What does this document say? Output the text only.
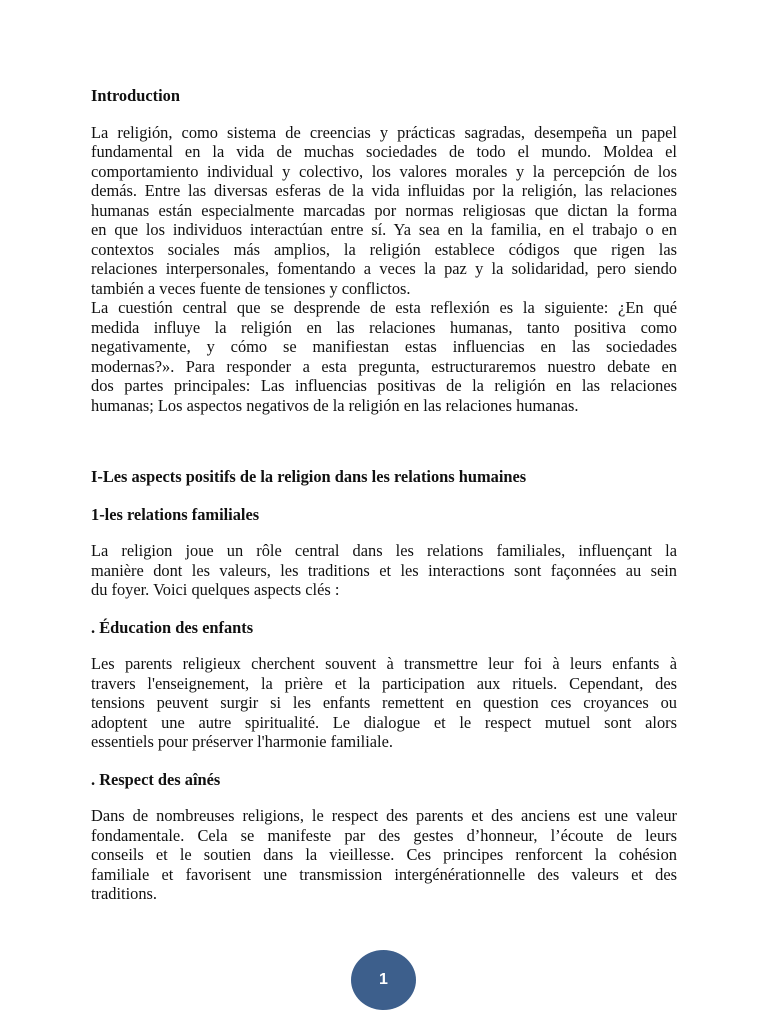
Introduction

La religión, como sistema de creencias y prácticas sagradas, desempeña un papel
fundamental en la vida de muchas sociedades de todo el mundo. Moldea el
comportamiento individual y colectivo, los valores morales y la percepción de los
demás. Entre las diversas esferas de la vida influidas por la religión, las relaciones
humanas están especialmente marcadas por normas religiosas que dictan la forma
en que los individuos interactúan entre sí. Ya sea en la familia, en el trabajo o en
contextos sociales más amplios, la religión establece códigos que rigen las
relaciones interpersonales, fomentando a veces la paz y la solidaridad, pero siendo
también a veces fuente de tensiones y conflictos.
La cuestión central que se desprende de esta reflexión es la siguiente: ¿En qué
medida influye la religión en las relaciones humanas, tanto positiva como
negativamente, y cómo se manifiestan estas influencias en las sociedades
modernas?». Para responder a esta pregunta, estructuraremos nuestro debate en
dos partes principales: Las influencias positivas de la religión en las relaciones
humanas; Los aspectos negativos de la religión en las relaciones humanas.

I-Les aspects positifs de la religion dans les relations humaines

1-les relations familiales

La religion joue un rôle central dans les relations familiales, influençant la
manière dont les valeurs, les traditions et les interactions sont façonnées au sein
du foyer. Voici quelques aspects clés :

. Éducation des enfants

Les parents religieux cherchent souvent à transmettre leur foi à leurs enfants à
travers l'enseignement, la prière et la participation aux rituels. Cependant, des
tensions peuvent surgir si les enfants remettent en question ces croyances ou
adoptent une autre spiritualité. Le dialogue et le respect mutuel sont alors
essentiels pour préserver l'harmonie familiale.

. Respect des aînés

Dans de nombreuses religions, le respect des parents et des anciens est une valeur
fondamentale. Cela se manifeste par des gestes d’honneur, l’écoute de leurs
conseils et le soutien dans la vieillesse. Ces principes renforcent la cohésion
familiale et favorisent une transmission intergénérationnelle des valeurs et des
traditions.

1
